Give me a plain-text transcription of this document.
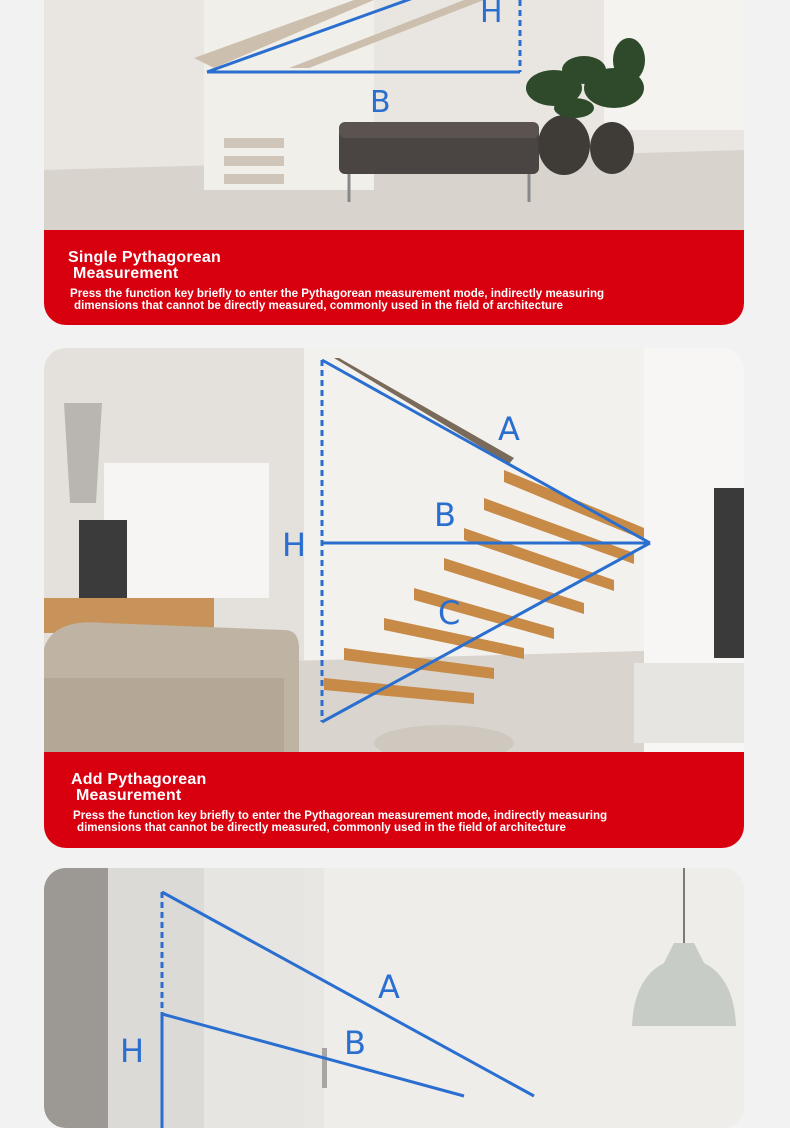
H
B
Single Pythagorean
Measurement
Press the function key briefly to enter the Pythagorean measurement mode, indirectly measuring
dimensions that cannot be directly measured, commonly used in the field of architecture
A
B
C
H
Add Pythagorean
Measurement
Press the function key briefly to enter the Pythagorean measurement mode, indirectly measuring
dimensions that cannot be directly measured, commonly used in the field of architecture
A
B
H
